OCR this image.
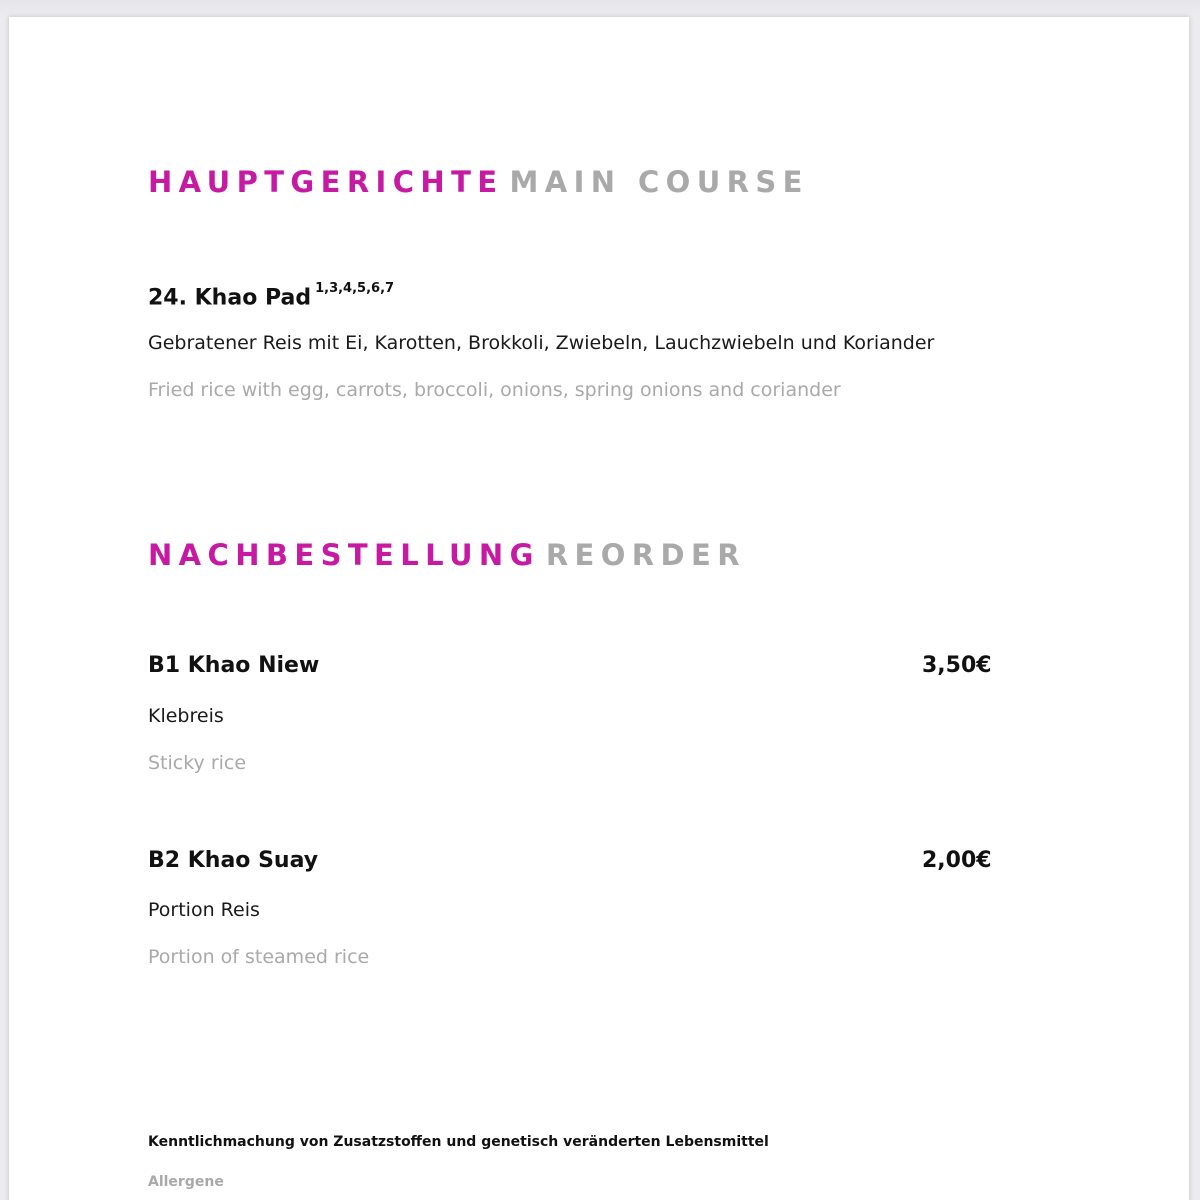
HAUPTGERICHTE MAIN COURSE
24. Khao Pad $^{1,3,4,5,6,7}$
Gebratener Reis mit Ei, Karotten, Brokkoli, Zwiebeln, Lauchzwiebeln und Koriander
Fried rice with egg, carrots, broccoli, onions, spring onions and coriander
NACHBESTELLUNG REORDER
B1 Khao Niew	3,50€
Klebreis
Sticky rice
B2 Khao Suay	2,00€
Portion Reis
Portion of steamed rice
Kenntlichmachung von Zusatzstoffen und genetisch veränderten Lebensmittel
Allergene
